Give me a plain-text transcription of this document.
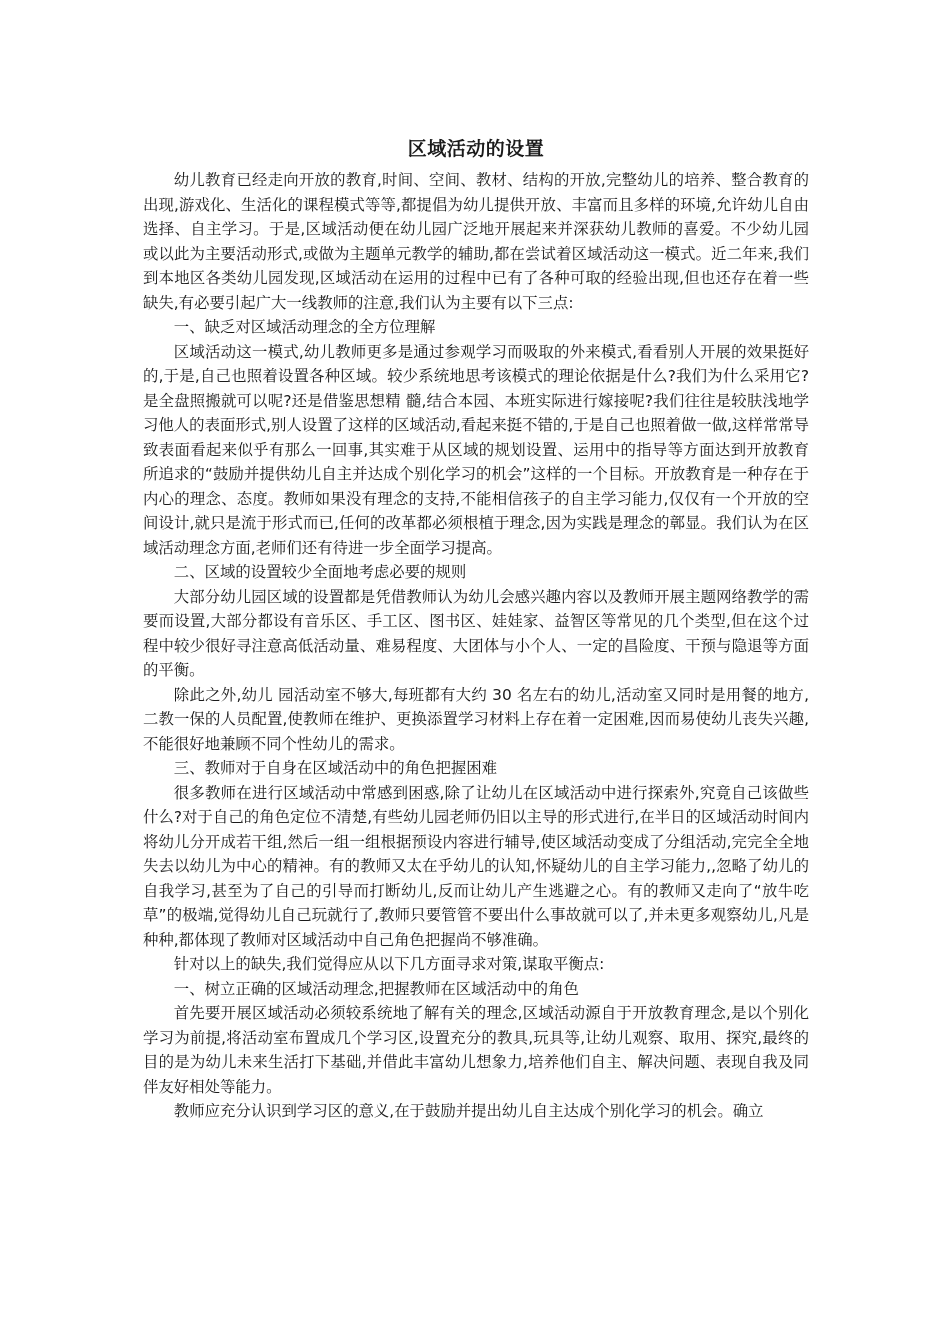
区域活动的设置

幼儿教育已经走向开放的教育,时间、空间、教材、结构的开放,完整幼儿的培养、整合教育的出现,游戏化、生活化的课程模式等等,都提倡为幼儿提供开放、丰富而且多样的环境,允许幼儿自由选择、自主学习。于是,区域活动便在幼儿园广泛地开展起来并深获幼儿教师的喜爱。不少幼儿园或以此为主要活动形式,或做为主题单元教学的辅助,都在尝试着区域活动这一模式。近二年来,我们到本地区各类幼儿园发现,区域活动在运用的过程中已有了各种可取的经验出现,但也还存在着一些缺失,有必要引起广大一线教师的注意,我们认为主要有以下三点:

一、缺乏对区域活动理念的全方位理解

区域活动这一模式,幼儿教师更多是通过参观学习而吸取的外来模式,看看别人开展的效果挺好的,于是,自己也照着设置各种区域。较少系统地思考该模式的理论依据是什么?我们为什么采用它?是全盘照搬就可以呢?还是借鉴思想精 髓,结合本园、本班实际进行嫁接呢?我们往往是较肤浅地学习他人的表面形式,别人设置了这样的区域活动,看起来挺不错的,于是自己也照着做一做,这样常常导致表面看起来似乎有那么一回事,其实难于从区域的规划设置、运用中的指导等方面达到开放教育所追求的“鼓励并提供幼儿自主并达成个别化学习的机会”这样的一个目标。开放教育是一种存在于内心的理念、态度。教师如果没有理念的支持,不能相信孩子的自主学习能力,仅仅有一个开放的空间设计,就只是流于形式而已,任何的改革都必须根植于理念,因为实践是理念的鄣显。我们认为在区域活动理念方面,老师们还有待进一步全面学习提高。

二、区域的设置较少全面地考虑必要的规则

大部分幼儿园区域的设置都是凭借教师认为幼儿会感兴趣内容以及教师开展主题网络教学的需要而设置,大部分都设有音乐区、手工区、图书区、娃娃家、益智区等常见的几个类型,但在这个过程中较少很好寻注意高低活动量、难易程度、大团体与小个人、一定的昌险度、干预与隐退等方面的平衡。

除此之外,幼儿 园活动室不够大,每班都有大约 30 名左右的幼儿,活动室又同时是用餐的地方,二教一保的人员配置,使教师在维护、更换添置学习材料上存在着一定困难,因而易使幼儿丧失兴趣,不能很好地兼顾不同个性幼儿的需求。

三、教师对于自身在区域活动中的角色把握困难

很多教师在进行区域活动中常感到困惑,除了让幼儿在区域活动中进行探索外,究竟自己该做些什么?对于自己的角色定位不清楚,有些幼儿园老师仍旧以主导的形式进行,在半日的区域活动时间内将幼儿分开成若干组,然后一组一组根据预设内容进行辅导,使区域活动变成了分组活动,完完全全地失去以幼儿为中心的精神。有的教师又太在乎幼儿的认知,怀疑幼儿的自主学习能力,,忽略了幼儿的自我学习,甚至为了自己的引导而打断幼儿,反而让幼儿产生逃避之心。有的教师又走向了“放牛吃草”的极端,觉得幼儿自己玩就行了,教师只要管管不要出什么事故就可以了,并未更多观察幼儿,凡是种种,都体现了教师对区域活动中自己角色把握尚不够准确。

针对以上的缺失,我们觉得应从以下几方面寻求对策,谋取平衡点:

一、树立正确的区域活动理念,把握教师在区域活动中的角色

首先要开展区域活动必须较系统地了解有关的理念,区域活动源自于开放教育理念,是以个别化学习为前提,将活动室布置成几个学习区,设置充分的教具,玩具等,让幼儿观察、取用、探究,最终的目的是为幼儿未来生活打下基础,并借此丰富幼儿想象力,培养他们自主、解决问题、表现自我及同伴友好相处等能力。

教师应充分认识到学习区的意义,在于鼓励并提出幼儿自主达成个别化学习的机会。确立
